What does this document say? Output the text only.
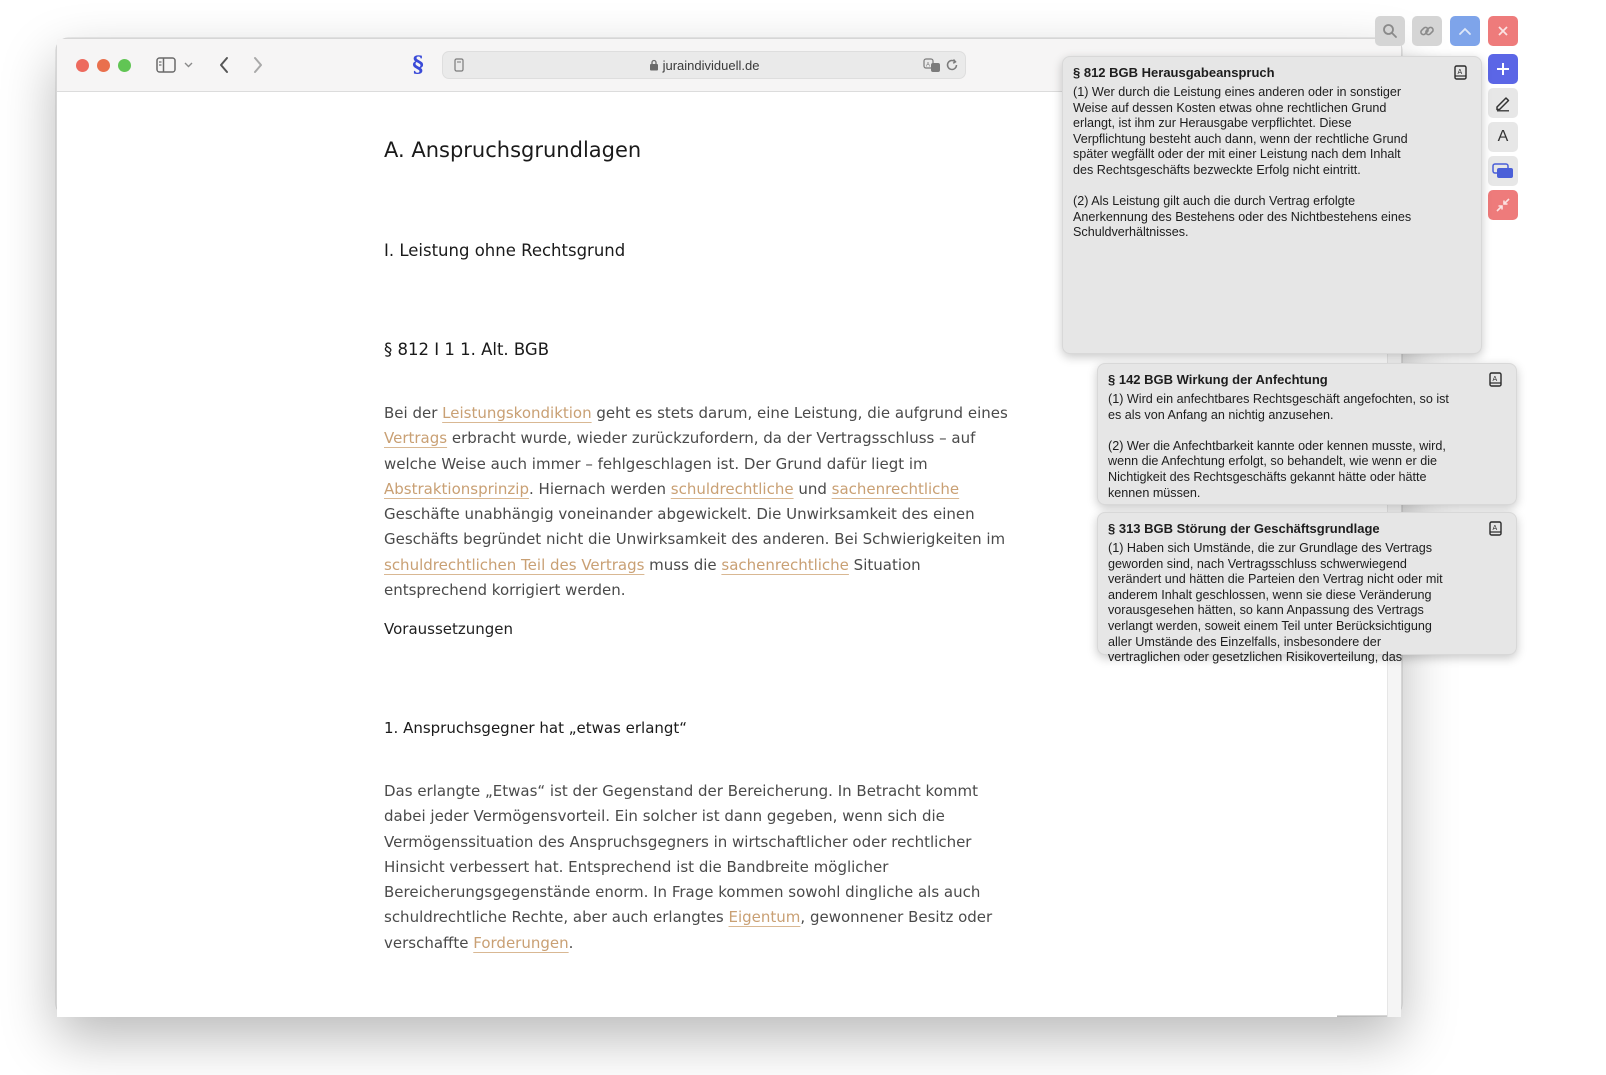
§	juraindividuell.de	A
A. Anspruchsgrundlagen
I. Leistung ohne Rechtsgrund
§ 812 I 1 1. Alt. BGB

Bei der Leistungskondiktion geht es stets darum, eine Leistung, die aufgrund eines Vertrags erbracht wurde, wieder zurückzufordern, da der Vertragsschluss – auf welche Weise auch immer – fehlgeschlagen ist. Der Grund dafür liegt im Abstraktionsprinzip. Hiernach werden schuldrechtliche und sachenrechtliche Geschäfte unabhängig voneinander abgewickelt. Die Unwirksamkeit des einen Geschäfts begründet nicht die Unwirksamkeit des anderen. Bei Schwierigkeiten im schuldrechtlichen Teil des Vertrags muss die sachenrechtliche Situation entsprechend korrigiert werden.

Voraussetzungen
1. Anspruchsgegner hat „etwas erlangt“

Das erlangte „Etwas“ ist der Gegenstand der Bereicherung. In Betracht kommt dabei jeder Vermögensvorteil. Ein solcher ist dann gegeben, wenn sich die Vermögenssituation des Anspruchsgegners in wirtschaftlicher oder rechtlicher Hinsicht verbessert hat. Entsprechend ist die Bandbreite möglicher Bereicherungsgegenstände enorm. In Frage kommen sowohl dingliche als auch schuldrechtliche Rechte, aber auch erlangtes Eigentum, gewonnener Besitz oder verschaffte Forderungen.

A
§ 812 BGB Herausgabeanspruch	A
(1) Wer durch die Leistung eines anderen oder in sonstiger
Weise auf dessen Kosten etwas ohne rechtlichen Grund
erlangt, ist ihm zur Herausgabe verpflichtet. Diese
Verpflichtung besteht auch dann, wenn der rechtliche Grund
später wegfällt oder der mit einer Leistung nach dem Inhalt
des Rechtsgeschäfts bezweckte Erfolg nicht eintritt.

(2) Als Leistung gilt auch die durch Vertrag erfolgte
Anerkennung des Bestehens oder des Nichtbestehens eines
Schuldverhältnisses.
§ 142 BGB Wirkung der Anfechtung	A
(1) Wird ein anfechtbares Rechtsgeschäft angefochten, so ist
es als von Anfang an nichtig anzusehen.

(2) Wer die Anfechtbarkeit kannte oder kennen musste, wird,
wenn die Anfechtung erfolgt, so behandelt, wie wenn er die
Nichtigkeit des Rechtsgeschäfts gekannt hätte oder hätte
kennen müssen.
§ 313 BGB Störung der Geschäftsgrundlage	A
(1) Haben sich Umstände, die zur Grundlage des Vertrags
geworden sind, nach Vertragsschluss schwerwiegend
verändert und hätten die Parteien den Vertrag nicht oder mit
anderem Inhalt geschlossen, wenn sie diese Veränderung
vorausgesehen hätten, so kann Anpassung des Vertrags
verlangt werden, soweit einem Teil unter Berücksichtigung
aller Umstände des Einzelfalls, insbesondere der
vertraglichen oder gesetzlichen Risikoverteilung, das
